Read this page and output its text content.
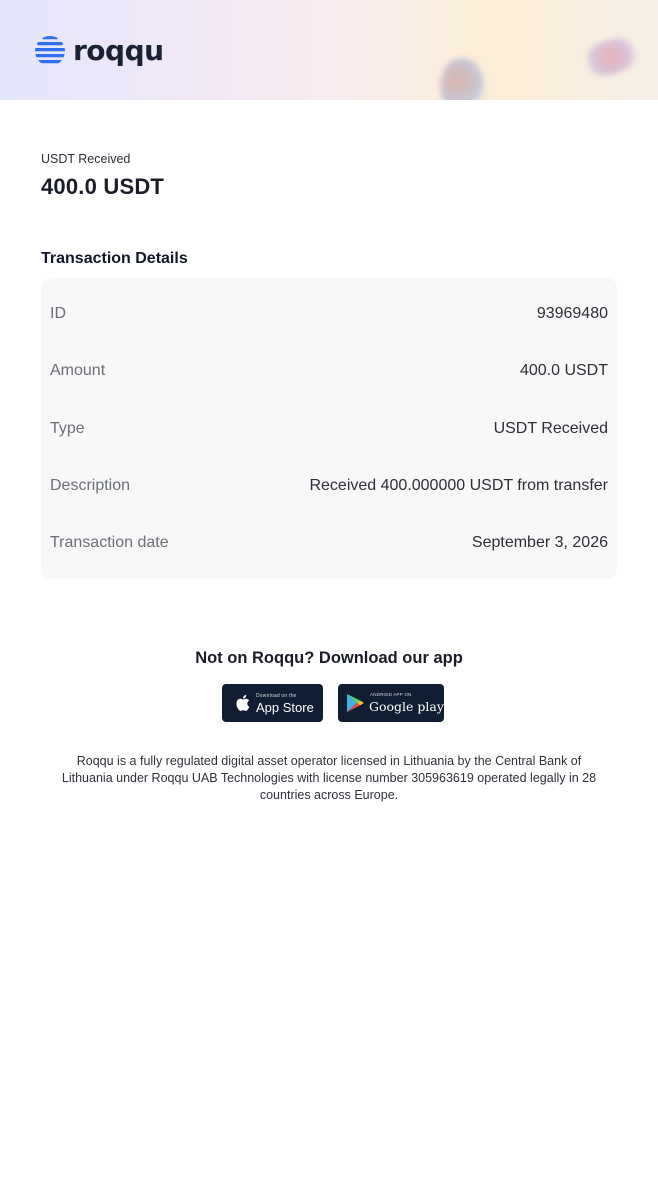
roqqu
USDT Received
400.0 USDT
Transaction Details
ID	93969480
Amount	400.0 USDT
Type	USDT Received
Description	Received 400.000000 USDT from transfer
Transaction date	September 3, 2026
Not on Roqqu? Download our app
Download on the
App Store
ANDROID APP ON
Google play
Roqqu is a fully regulated digital asset operator licensed in Lithuania by the Central Bank of Lithuania under Roqqu UAB Technologies with license number 305963619 operated legally in 28 countries across Europe.
